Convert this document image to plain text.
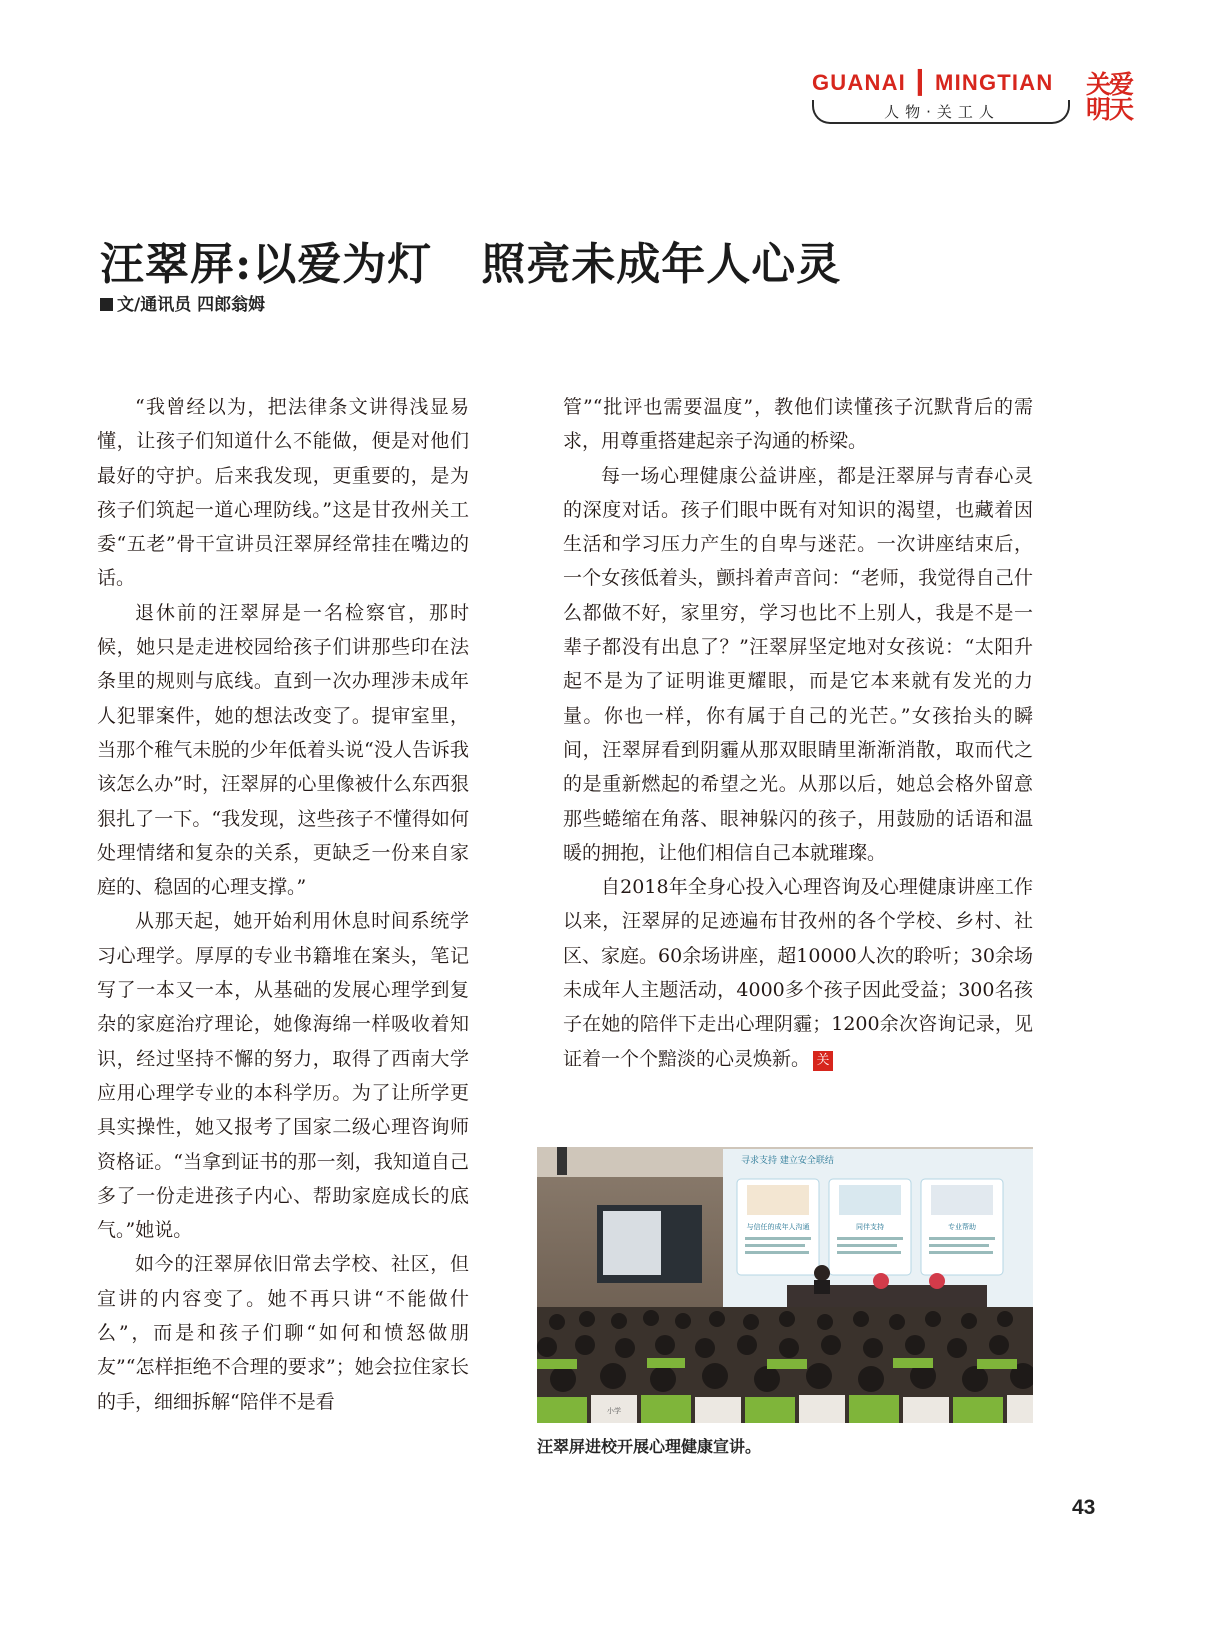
GUANAI ┃ MINGTIAN
人物·关工人
关爱明天
汪翠屏:以爱为灯   照亮未成年人心灵
文/通讯员 四郎翁姆

“我曾经以为，把法律条文讲得浅显易懂，让孩子们知道什么不能做，便是对他们最好的守护。后来我发现，更重要的，是为孩子们筑起一道心理防线。”这是甘孜州关工委“五老”骨干宣讲员汪翠屏经常挂在嘴边的话。

退休前的汪翠屏是一名检察官，那时候，她只是走进校园给孩子们讲那些印在法条里的规则与底线。直到一次办理涉未成年人犯罪案件，她的想法改变了。提审室里，当那个稚气未脱的少年低着头说“没人告诉我该怎么办”时，汪翠屏的心里像被什么东西狠狠扎了一下。“我发现，这些孩子不懂得如何处理情绪和复杂的关系，更缺乏一份来自家庭的、稳固的心理支撑。”

从那天起，她开始利用休息时间系统学习心理学。厚厚的专业书籍堆在案头，笔记写了一本又一本，从基础的发展心理学到复杂的家庭治疗理论，她像海绵一样吸收着知识，经过坚持不懈的努力，取得了西南大学应用心理学专业的本科学历。为了让所学更具实操性，她又报考了国家二级心理咨询师资格证。“当拿到证书的那一刻，我知道自己多了一份走进孩子内心、帮助家庭成长的底气。”她说。

如今的汪翠屏依旧常去学校、社区，但宣讲的内容变了。她不再只讲“不能做什么”，而是和孩子们聊“如何和愤怒做朋友”“怎样拒绝不合理的要求”；她会拉住家长的手，细细拆解“陪伴不是看

管”“批评也需要温度”，教他们读懂孩子沉默背后的需求，用尊重搭建起亲子沟通的桥梁。

每一场心理健康公益讲座，都是汪翠屏与青春心灵的深度对话。孩子们眼中既有对知识的渴望，也藏着因生活和学习压力产生的自卑与迷茫。一次讲座结束后，一个女孩低着头，颤抖着声音问：“老师，我觉得自己什么都做不好，家里穷，学习也比不上别人，我是不是一辈子都没有出息了？”汪翠屏坚定地对女孩说：“太阳升起不是为了证明谁更耀眼，而是它本来就有发光的力量。你也一样，你有属于自己的光芒。”女孩抬头的瞬间，汪翠屏看到阴霾从那双眼睛里渐渐消散，取而代之的是重新燃起的希望之光。从那以后，她总会格外留意那些蜷缩在角落、眼神躲闪的孩子，用鼓励的话语和温暖的拥抱，让他们相信自己本就璀璨。

自2018年全身心投入心理咨询及心理健康讲座工作以来，汪翠屏的足迹遍布甘孜州的各个学校、乡村、社区、家庭。60余场讲座，超10000人次的聆听；30余场未成年人主题活动，4000多个孩子因此受益；300名孩子在她的陪伴下走出心理阴霾；1200余次咨询记录，见证着一个个黯淡的心灵焕新。 关

寻求支持 建立安全联结
与信任的成年人沟通	同伴支持	专业帮助
小学
汪翠屏进校开展心理健康宣讲。
43
